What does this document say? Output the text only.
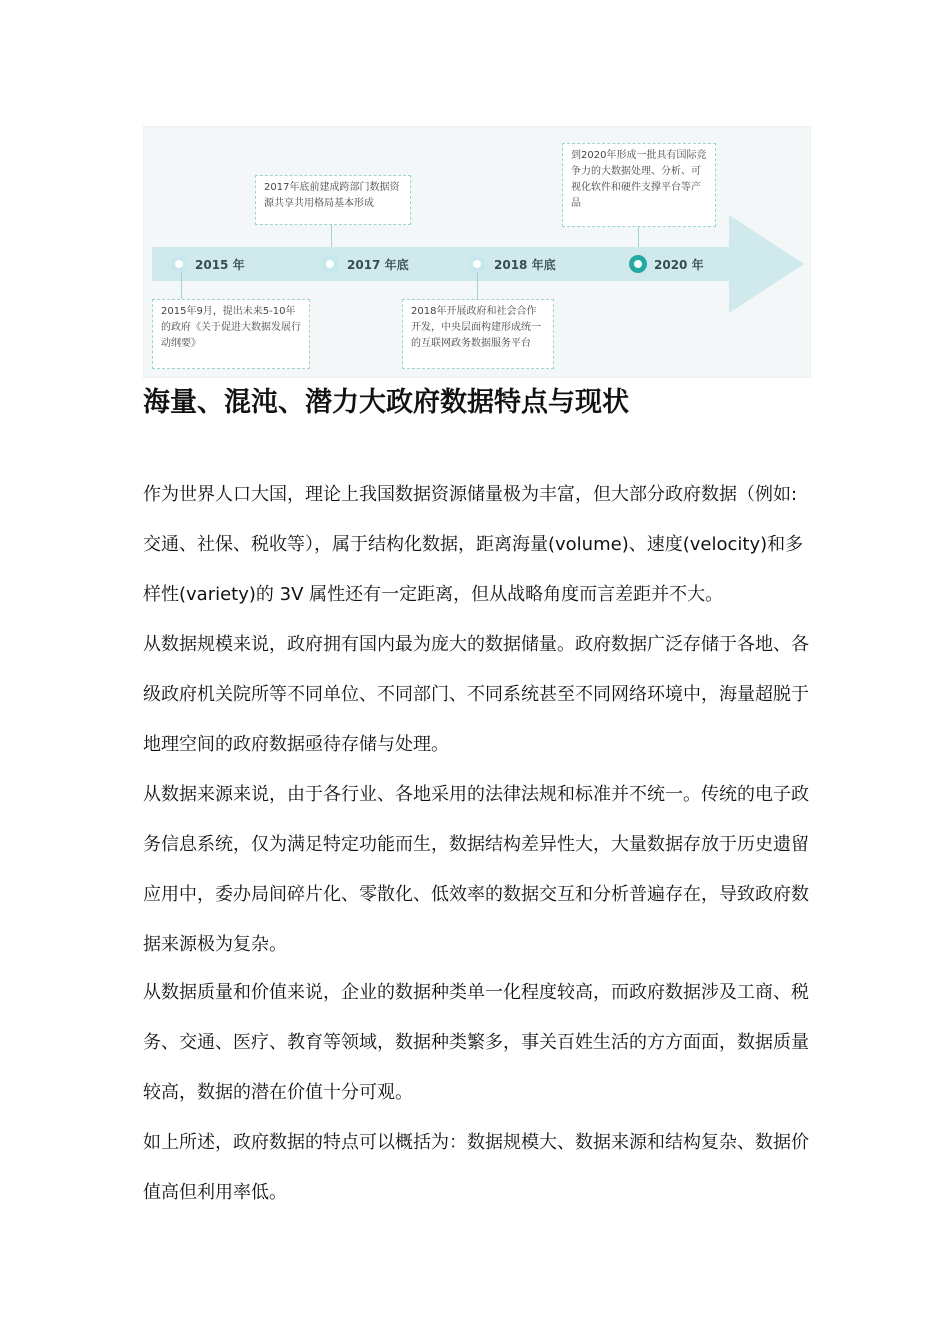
2015 年	2017 年底	2018 年底	2020 年
2015年9月，提出未来5-10年的政府《关于促进大数据发展行动纲要》
2017年底前建成跨部门数据资源共享共用格局基本形成
2018年开展政府和社会合作开发，中央层面构建形成统一的互联网政务数据服务平台
到2020年形成一批具有国际竞争力的大数据处理、分析、可视化软件和硬件支撑平台等产品
海量、混沌、潜力大政府数据特点与现状

作为世界人口大国，理论上我国数据资源储量极为丰富，但大部分政府数据（例如: 交通、社保、税收等），属于结构化数据，距离海量(volume)、速度(velocity)和多样性(variety)的 3V 属性还有一定距离，但从战略角度而言差距并不大。

从数据规模来说，政府拥有国内最为庞大的数据储量。政府数据广泛存储于各地、各级政府机关院所等不同单位、不同部门、不同系统甚至不同网络环境中，海量超脱于地理空间的政府数据亟待存储与处理。

从数据来源来说，由于各行业、各地采用的法律法规和标准并不统一。传统的电子政务信息系统，仅为满足特定功能而生，数据结构差异性大，大量数据存放于历史遗留应用中，委办局间碎片化、零散化、低效率的数据交互和分析普遍存在，导致政府数据来源极为复杂。

从数据质量和价值来说，企业的数据种类单一化程度较高，而政府数据涉及工商、税务、交通、医疗、教育等领域，数据种类繁多，事关百姓生活的方方面面，数据质量较高，数据的潜在价值十分可观。

如上所述，政府数据的特点可以概括为：数据规模大、数据来源和结构复杂、数据价值高但利用率低。
